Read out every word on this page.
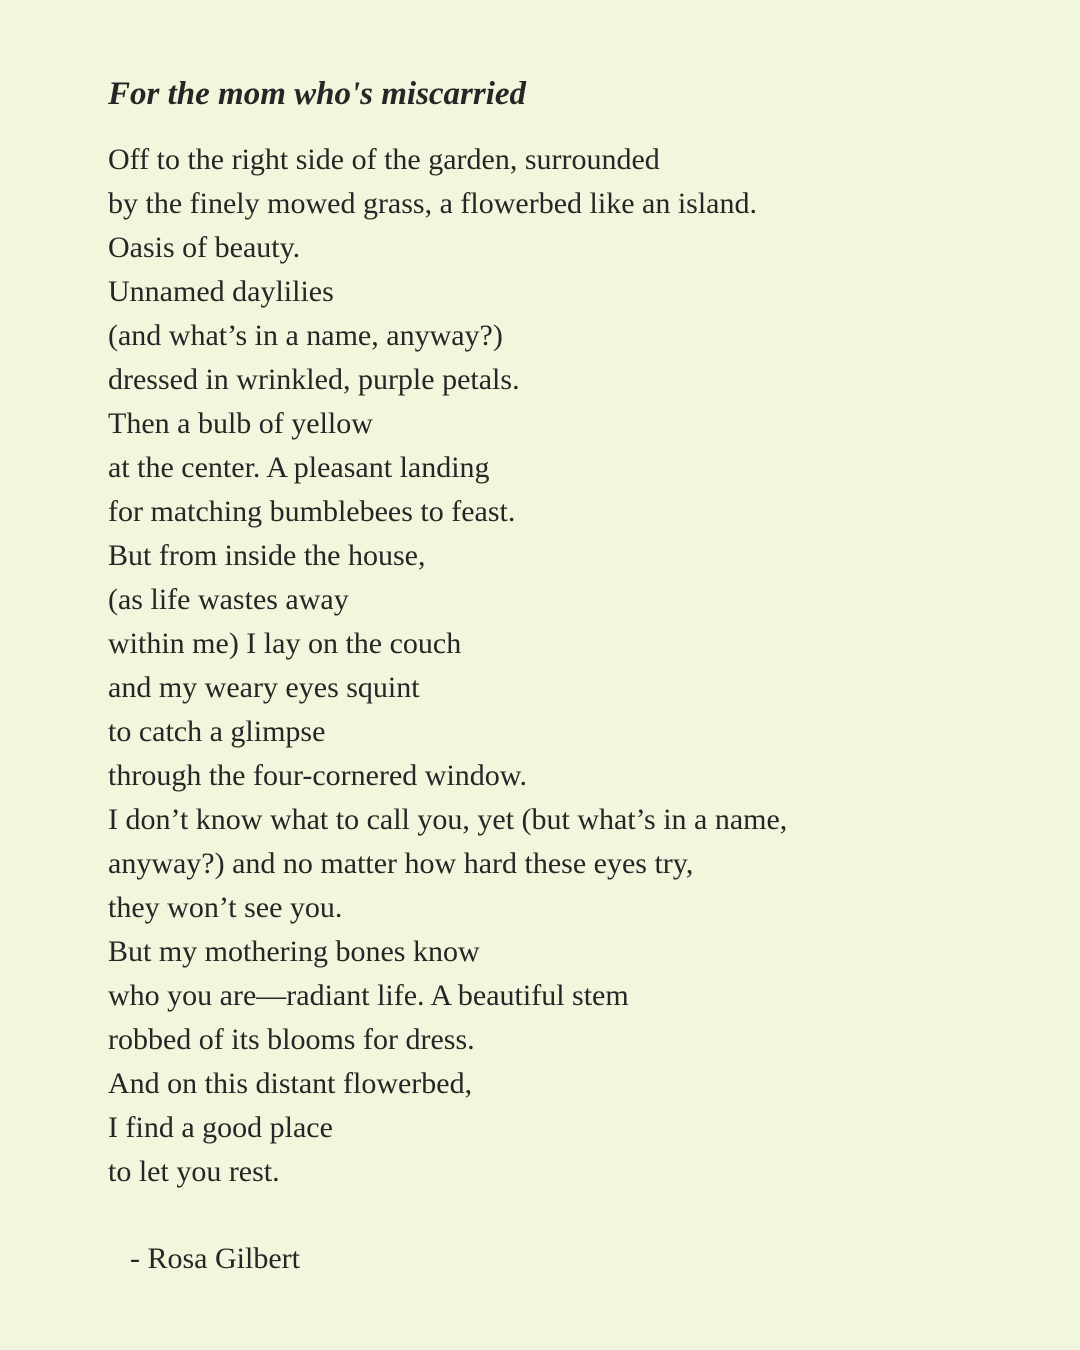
For the mom who's miscarried
Off to the right side of the garden, surrounded
by the finely mowed grass, a flowerbed like an island.
Oasis of beauty.
Unnamed daylilies
(and what’s in a name, anyway?)
dressed in wrinkled, purple petals.
Then a bulb of yellow
at the center. A pleasant landing
for matching bumblebees to feast.
But from inside the house,
(as life wastes away
within me) I lay on the couch
and my weary eyes squint
to catch a glimpse
through the four-cornered window.
I don’t know what to call you, yet (but what’s in a name,
anyway?) and no matter how hard these eyes try,
they won’t see you.
But my mothering bones know
who you are—radiant life. A beautiful stem
robbed of its blooms for dress.
And on this distant flowerbed,
I find a good place
to let you rest.

- Rosa Gilbert
